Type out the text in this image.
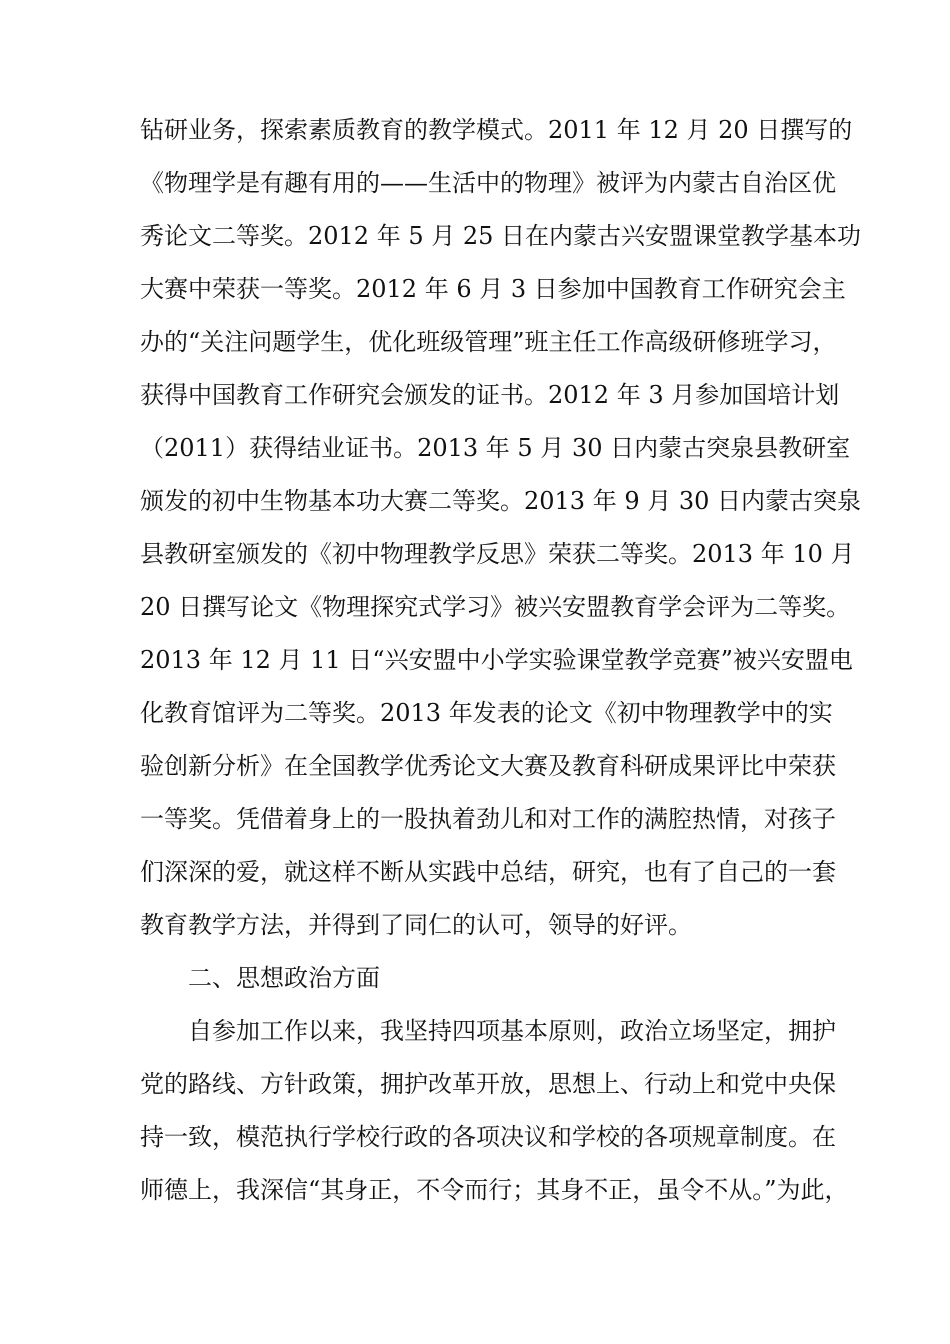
钻研业务，探索素质教育的教学模式。2011 年 12 月 20 日撰写的
《物理学是有趣有用的——生活中的物理》被评为内蒙古自治区优
秀论文二等奖。2012 年 5 月 25 日在内蒙古兴安盟课堂教学基本功
大赛中荣获一等奖。2012 年 6 月 3 日参加中国教育工作研究会主
办的“关注问题学生，优化班级管理”班主任工作高级研修班学习，
获得中国教育工作研究会颁发的证书。2012 年 3 月参加国培计划
（2011）获得结业证书。2013 年 5 月 30 日内蒙古突泉县教研室
颁发的初中生物基本功大赛二等奖。2013 年 9 月 30 日内蒙古突泉
县教研室颁发的《初中物理教学反思》荣获二等奖。2013 年 10 月
20 日撰写论文《物理探究式学习》被兴安盟教育学会评为二等奖。
2013 年 12 月 11 日“兴安盟中小学实验课堂教学竞赛”被兴安盟电
化教育馆评为二等奖。2013 年发表的论文《初中物理教学中的实
验创新分析》在全国教学优秀论文大赛及教育科研成果评比中荣获
一等奖。凭借着身上的一股执着劲儿和对工作的满腔热情，对孩子
们深深的爱，就这样不断从实践中总结，研究，也有了自己的一套
教育教学方法，并得到了同仁的认可，领导的好评。
二、思想政治方面
自参加工作以来，我坚持四项基本原则，政治立场坚定，拥护
党的路线、方针政策，拥护改革开放，思想上、行动上和党中央保
持一致，模范执行学校行政的各项决议和学校的各项规章制度。在
师德上，我深信“其身正，不令而行；其身不正，虽令不从。”为此，
